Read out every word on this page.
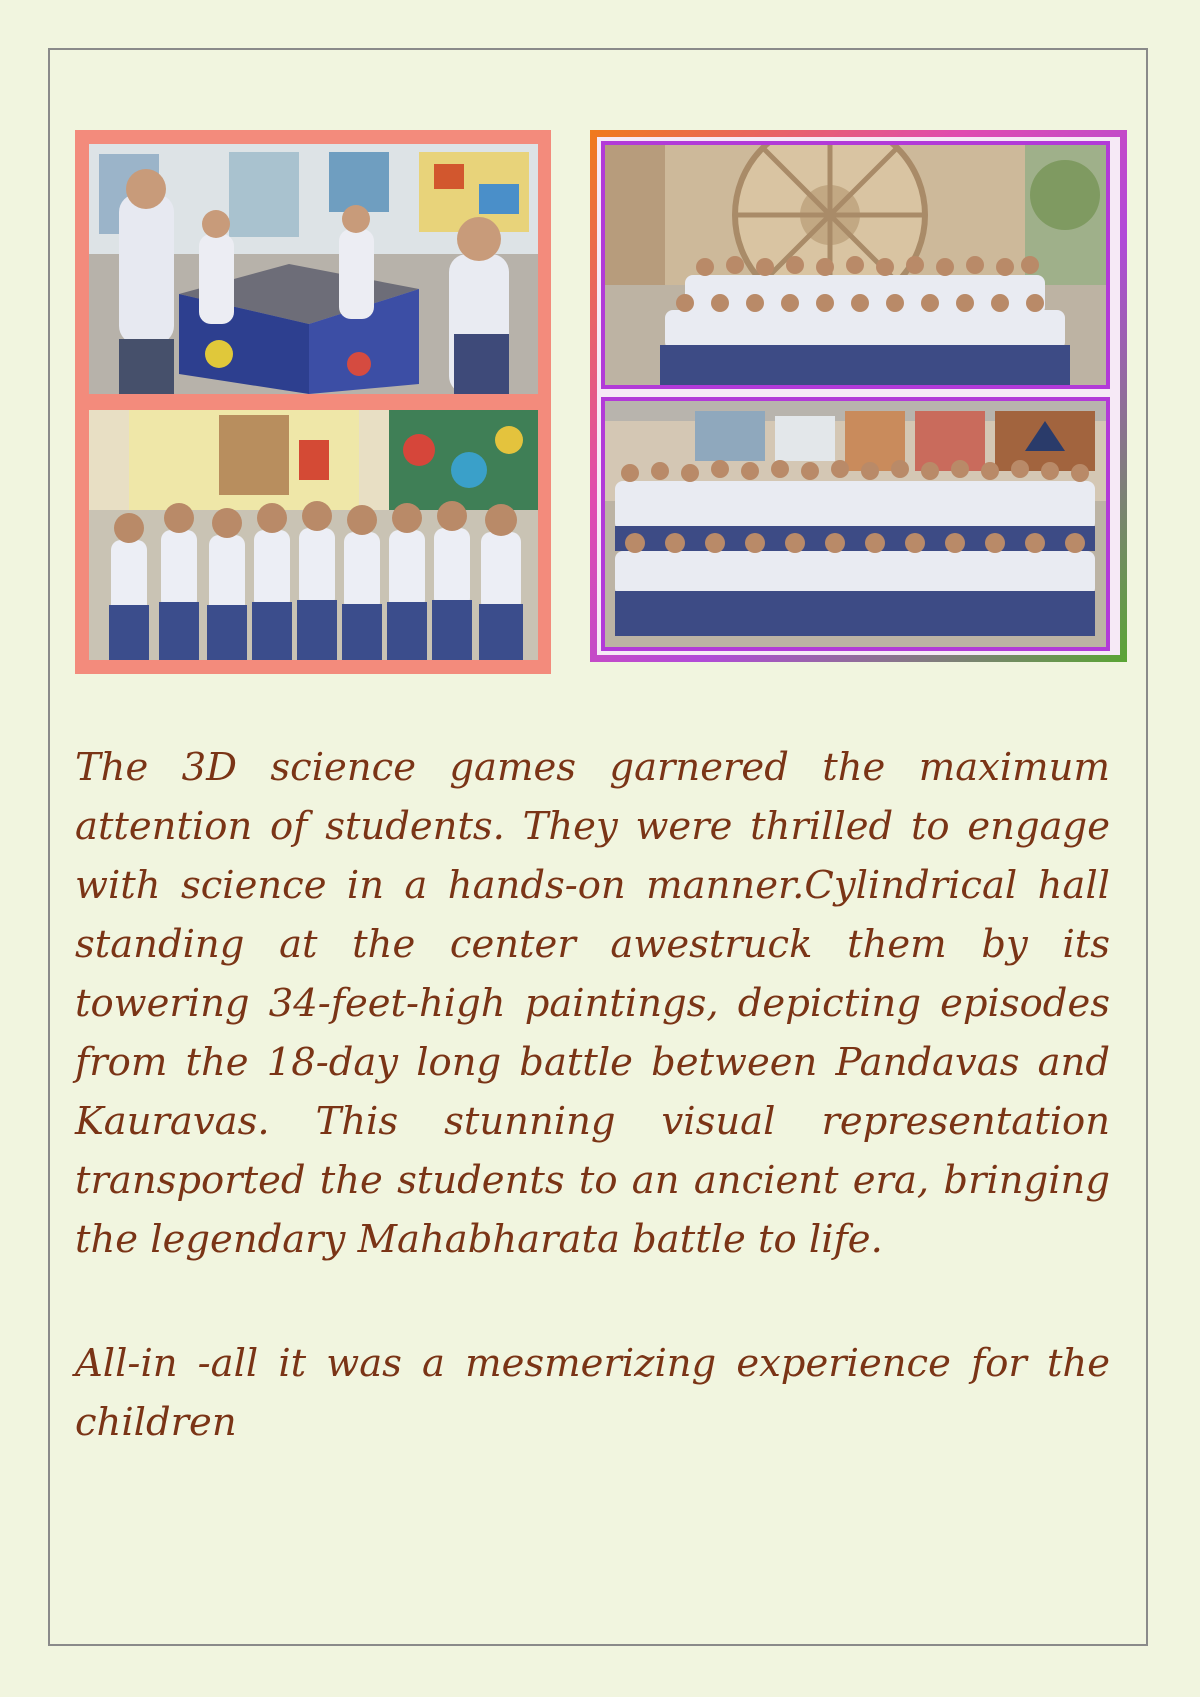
The 3D science games garnered the maximum attention of students. They were thrilled to engage with science in a hands-on manner.Cylindrical hall standing at the center awestruck them by its towering 34-feet-high paintings, depicting episodes from the 18-day long battle between Pandavas and Kauravas. This stunning visual representation transported the students to an ancient era, bringing the legendary Mahabharata battle to life.

All-in -all it was a mesmerizing experience for the children
